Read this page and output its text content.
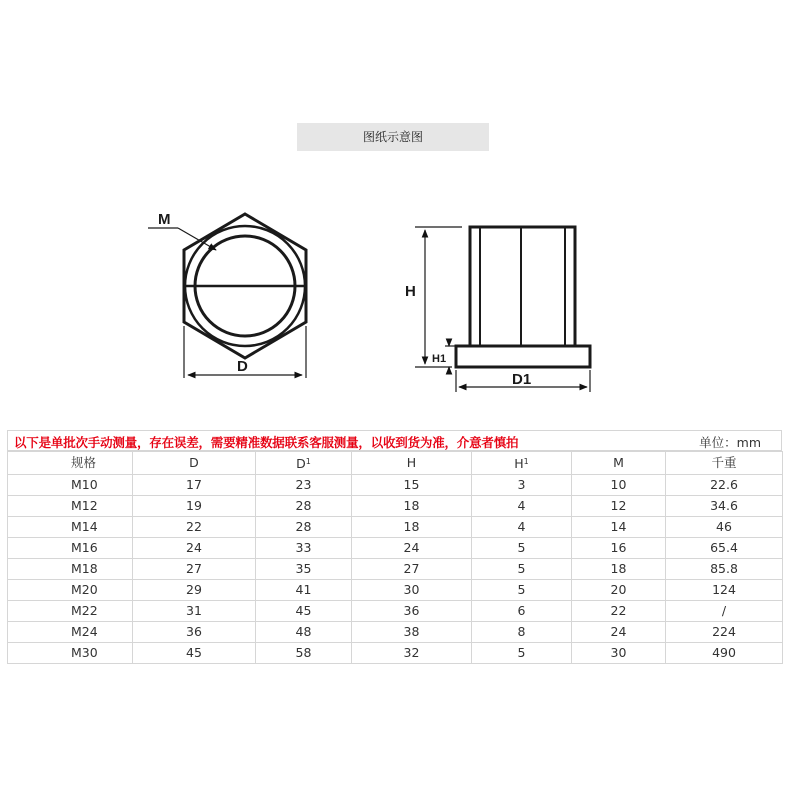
图纸示意图
M
D
H
H1
D1
以下是单批次手动测量，存在误差，需要精准数据联系客服测量，以收到货为准，介意者慎拍	单位：mm
规格	D	$D^1$	H	$H^1$	M	千重
M10	17	23	15	3	10	22.6
M12	19	28	18	4	12	34.6
M14	22	28	18	4	14	46
M16	24	33	24	5	16	65.4
M18	27	35	27	5	18	85.8
M20	29	41	30	5	20	124
M22	31	45	36	6	22	/
M24	36	48	38	8	24	224
M30	45	58	32	5	30	490
